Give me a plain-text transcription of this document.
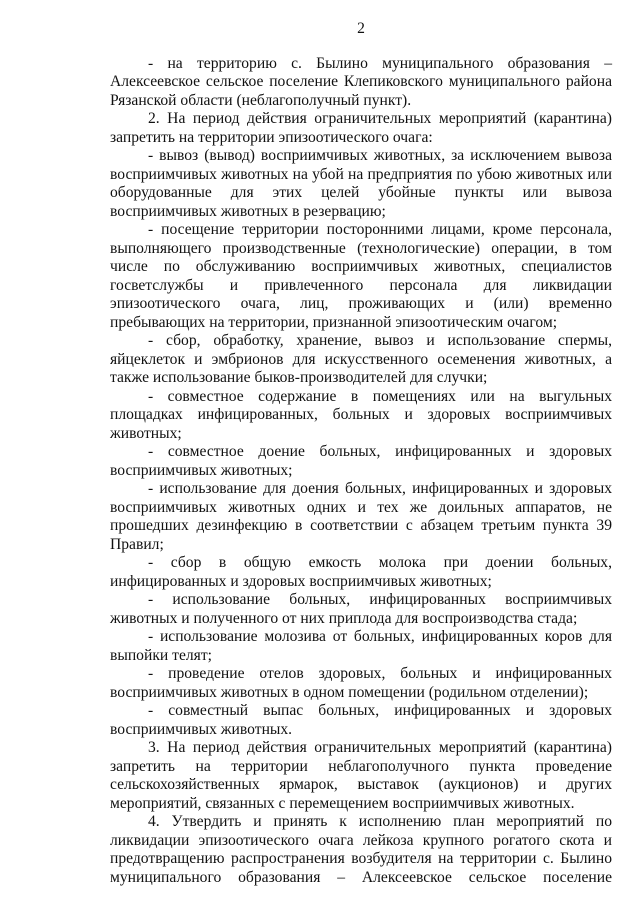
2

- на территорию с. Былино муниципального образования – Алексеевское сельское поселение Клепиковского муниципального района Рязанской области (неблагополучный пункт).

2. На период действия ограничительных мероприятий (карантина) запретить на территории эпизоотического очага:

- вывоз (вывод) восприимчивых животных, за исключением вывоза восприимчивых животных на убой на предприятия по убою животных или оборудованные для этих целей убойные пункты или вывоза восприимчивых животных в резервацию;

- посещение территории посторонними лицами, кроме персонала, выполняющего производственные (технологические) операции, в том числе по обслуживанию восприимчивых животных, специалистов госветслужбы и привлеченного персонала для ликвидации эпизоотического очага, лиц, проживающих и (или) временно пребывающих на территории, признанной эпизоотическим очагом;

- сбор, обработку, хранение, вывоз и использование спермы, яйцеклеток и эмбрионов для искусственного осеменения животных, а также использование быков-производителей для случки;

- совместное содержание в помещениях или на выгульных площадках инфицированных, больных и здоровых восприимчивых животных;

- совместное доение больных, инфицированных и здоровых восприимчивых животных;

- использование для доения больных, инфицированных и здоровых восприимчивых животных одних и тех же доильных аппаратов, не прошедших дезинфекцию в соответствии с абзацем третьим пункта 39 Правил;

- сбор в общую емкость молока при доении больных, инфицированных и здоровых восприимчивых животных;

- использование больных, инфицированных восприимчивых животных и полученного от них приплода для воспроизводства стада;

- использование молозива от больных, инфицированных коров для выпойки телят;

- проведение отелов здоровых, больных и инфицированных восприимчивых животных в одном помещении (родильном отделении);

- совместный выпас больных, инфицированных и здоровых восприимчивых животных.

3. На период действия ограничительных мероприятий (карантина) запретить на территории неблагополучного пункта проведение сельскохозяйственных ярмарок, выставок (аукционов) и других мероприятий, связанных с перемещением восприимчивых животных.

4. Утвердить и принять к исполнению план мероприятий по ликвидации эпизоотического очага лейкоза крупного рогатого скота и предотвращению распространения возбудителя на территории с. Былино муниципального образования – Алексеевское сельское поселение
